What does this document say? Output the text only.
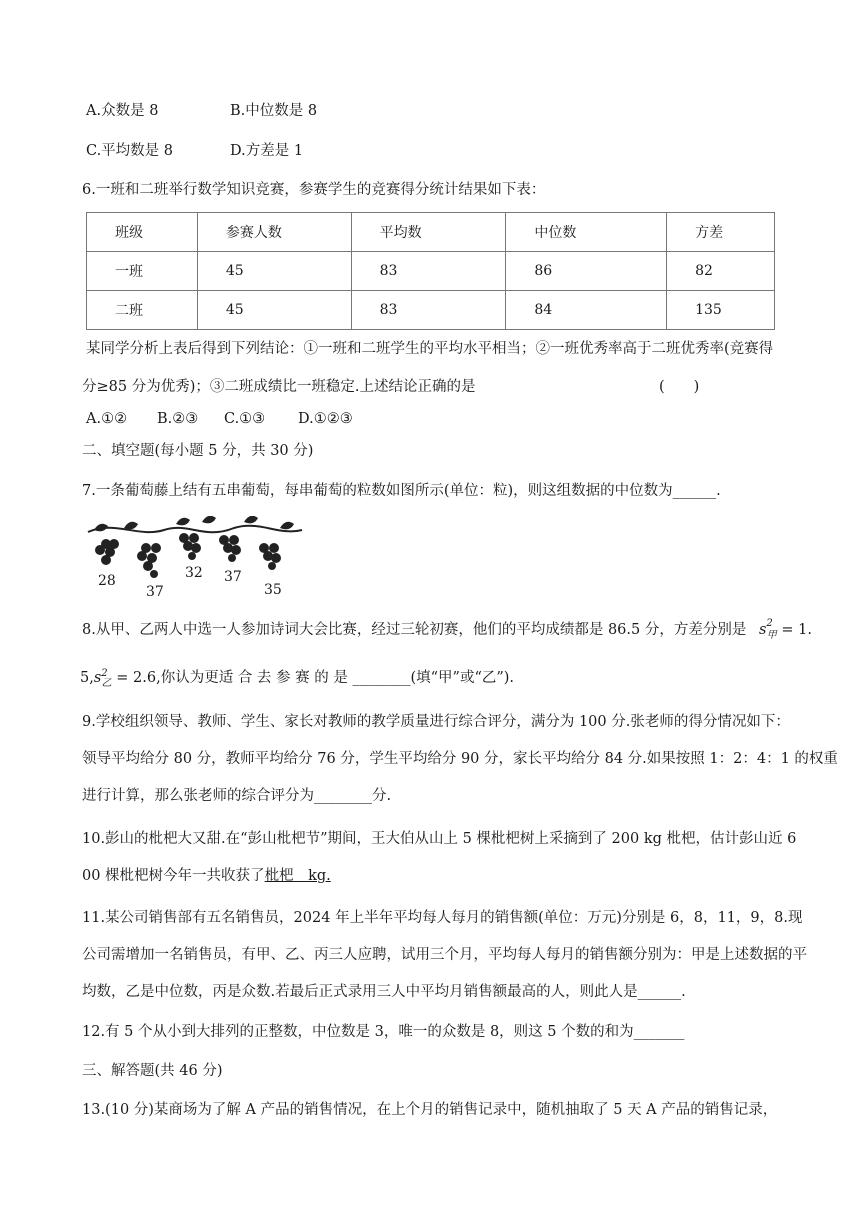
A.众数是 8	B.中位数是 8
C.平均数是 8	D.方差是 1
6.一班和二班举行数学知识竞赛，参赛学生的竞赛得分统计结果如下表：
班级	参赛人数	平均数	中位数	方差
一班	45	83	86	82
二班	45	83	84	135
某同学分析上表后得到下列结论：①一班和二班学生的平均水平相当；②一班优秀率高于二班优秀率(竞赛得
分≥85 分为优秀)；③二班成绩比一班稳定.上述结论正确的是	(　　)
A.①② B.②③ C.①③ D.①②③
二、填空题(每小题 5 分，共 30 分)
7.一条葡萄藤上结有五串葡萄，每串葡萄的粒数如图所示(单位：粒)，则这组数据的中位数为______.
28
37
32 37
35
8.从甲、乙两人中选一人参加诗词大会比赛，经过三轮初赛，他们的平均成绩都是 86.5 分，方差分别是 $s^2_甲 = 1$.
$5,s^2_乙 = 2.6$,你认为更适 合 去 参 赛 的 是 ________(填“甲”或“乙”).
9.学校组织领导、教师、学生、家长对教师的教学质量进行综合评分，满分为 100 分.张老师的得分情况如下：
领导平均给分 80 分，教师平均给分 76 分，学生平均给分 90 分，家长平均给分 84 分.如果按照 1：2：4：1 的权重
进行计算，那么张老师的综合评分为________分.
10.彭山的枇杷大又甜.在“彭山枇杷节”期间，王大伯从山上 5 棵枇杷树上采摘到了 200 kg 枇杷，估计彭山近 6
00 棵枇杷树今年一共收获了枇杷　kg.
11.某公司销售部有五名销售员，2024 年上半年平均每人每月的销售额(单位：万元)分别是 6，8，11，9，8.现
公司需增加一名销售员，有甲、乙、丙三人应聘，试用三个月，平均每人每月的销售额分别为：甲是上述数据的平
均数，乙是中位数，丙是众数.若最后正式录用三人中平均月销售额最高的人，则此人是______.
12.有 5 个从小到大排列的正整数，中位数是 3，唯一的众数是 8，则这 5 个数的和为_______
三、解答题(共 46 分)
13.(10 分)某商场为了解 A 产品的销售情况，在上个月的销售记录中，随机抽取了 5 天 A 产品的销售记录，
